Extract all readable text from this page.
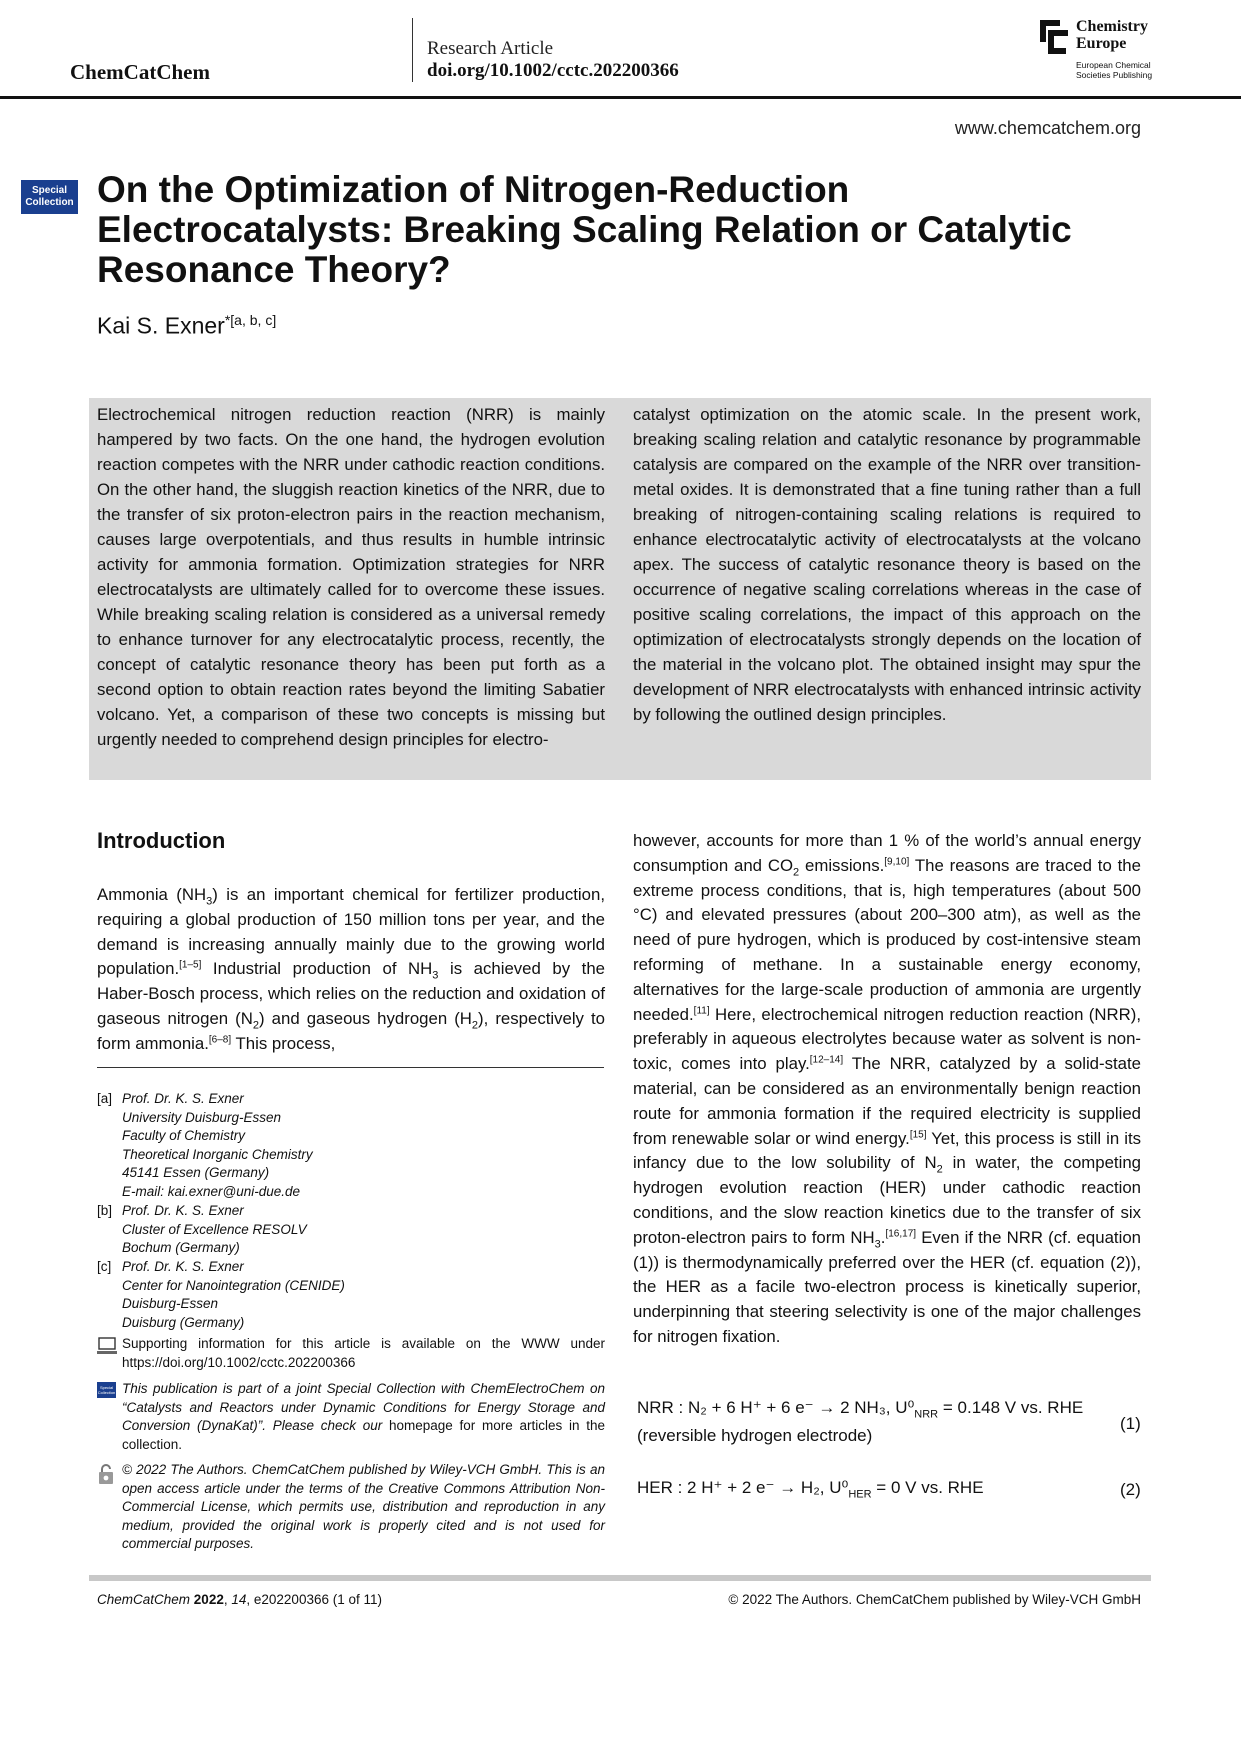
ChemCatChem
Research Article
doi.org/10.1002/cctc.202200366
Chemistry
Europe
European Chemical
Societies Publishing
www.chemcatchem.org
Special
Collection On the Optimization of Nitrogen-Reduction
Electrocatalysts: Breaking Scaling Relation or Catalytic
Resonance Theory?
Kai S. Exner$^{*[a, b, c]}$
Electrochemical nitrogen reduction reaction (NRR) is mainly hampered by two facts. On the one hand, the hydrogen evolution reaction competes with the NRR under cathodic reaction conditions. On the other hand, the sluggish reaction kinetics of the NRR, due to the transfer of six proton-electron pairs in the reaction mechanism, causes large overpotentials, and thus results in humble intrinsic activity for ammonia formation. Optimization strategies for NRR electrocatalysts are ultimately called for to overcome these issues. While breaking scaling relation is considered as a universal remedy to enhance turnover for any electrocatalytic process, recently, the concept of catalytic resonance theory has been put forth as a second option to obtain reaction rates beyond the limiting Sabatier volcano. Yet, a comparison of these two concepts is missing but urgently needed to comprehend design principles for electro-
catalyst optimization on the atomic scale. In the present work, breaking scaling relation and catalytic resonance by programmable catalysis are compared on the example of the NRR over transition-metal oxides. It is demonstrated that a fine tuning rather than a full breaking of nitrogen-containing scaling relations is required to enhance electrocatalytic activity of electrocatalysts at the volcano apex. The success of catalytic resonance theory is based on the occurrence of negative scaling correlations whereas in the case of positive scaling correlations, the impact of this approach on the optimization of electrocatalysts strongly depends on the location of the material in the volcano plot. The obtained insight may spur the development of NRR electrocatalysts with enhanced intrinsic activity by following the outlined design principles.
Introduction
Ammonia $(NH_3)$ is an important chemical for fertilizer production, requiring a global production of 150 million tons per year, and the demand is increasing annually mainly due to the growing world population.[1–5] Industrial production of $NH_3$ is achieved by the Haber-Bosch process, which relies on the reduction and oxidation of gaseous nitrogen $(N_2)$ and gaseous hydrogen $(H_2)$, respectively to form ammonia.[6–8] This process,
however, accounts for more than 1 % of the world’s annual energy consumption and $CO_2$ emissions.[9,10] The reasons are traced to the extreme process conditions, that is, high temperatures (about 500 °C) and elevated pressures (about 200–300 atm), as well as the need of pure hydrogen, which is produced by cost-intensive steam reforming of methane. In a sustainable energy economy, alternatives for the large-scale production of ammonia are urgently needed.[11] Here, electrochemical nitrogen reduction reaction (NRR), preferably in aqueous electrolytes because water as solvent is non-toxic, comes into play.[12–14] The NRR, catalyzed by a solid-state material, can be considered as an environmentally benign reaction route for ammonia formation if the required electricity is supplied from renewable solar or wind energy.[15] Yet, this process is still in its infancy due to the low solubility of $N_2$ in water, the competing hydrogen evolution reaction (HER) under cathodic reaction conditions, and the slow reaction kinetics due to the transfer of six proton-electron pairs to form $NH_3.[16,17]$ Even if the NRR (cf. equation (1)) is thermodynamically preferred over the HER (cf. equation (2)), the HER as a facile two-electron process is kinetically superior, underpinning that steering selectivity is one of the major challenges for nitrogen fixation.
NRR : N₂ + 6 H⁺ + 6 e⁻ → 2 NH₃, $U^0_{NRR} = 0.148$ V vs. RHE
(reversible hydrogen electrode)
(1)
HER : 2 H⁺ + 2 e⁻ → H₂, $U^0_{HER} = 0$ V vs. RHE	(2)
[a] Prof. Dr. K. S. Exner
University Duisburg-Essen
Faculty of Chemistry
Theoretical Inorganic Chemistry
45141 Essen (Germany)
E-mail: kai.exner@uni-due.de
[b] Prof. Dr. K. S. Exner
Cluster of Excellence RESOLV
Bochum (Germany)
[c] Prof. Dr. K. S. Exner
Center for Nanointegration (CENIDE)
Duisburg-Essen
Duisburg (Germany)
Supporting information for this article is available on the WWW under https://doi.org/10.1002/cctc.202200366
Special
Collection This publication is part of a joint Special Collection with ChemElectroChem on “Catalysts and Reactors under Dynamic Conditions for Energy Storage and Conversion (DynaKat)”. Please check our homepage for more articles in the collection.
© 2022 The Authors. ChemCatChem published by Wiley-VCH GmbH. This is an open access article under the terms of the Creative Commons Attribution Non-Commercial License, which permits use, distribution and reproduction in any medium, provided the original work is properly cited and is not used for commercial purposes.
ChemCatChem 2022, 14, e202200366 (1 of 11)	© 2022 The Authors. ChemCatChem published by Wiley-VCH GmbH
